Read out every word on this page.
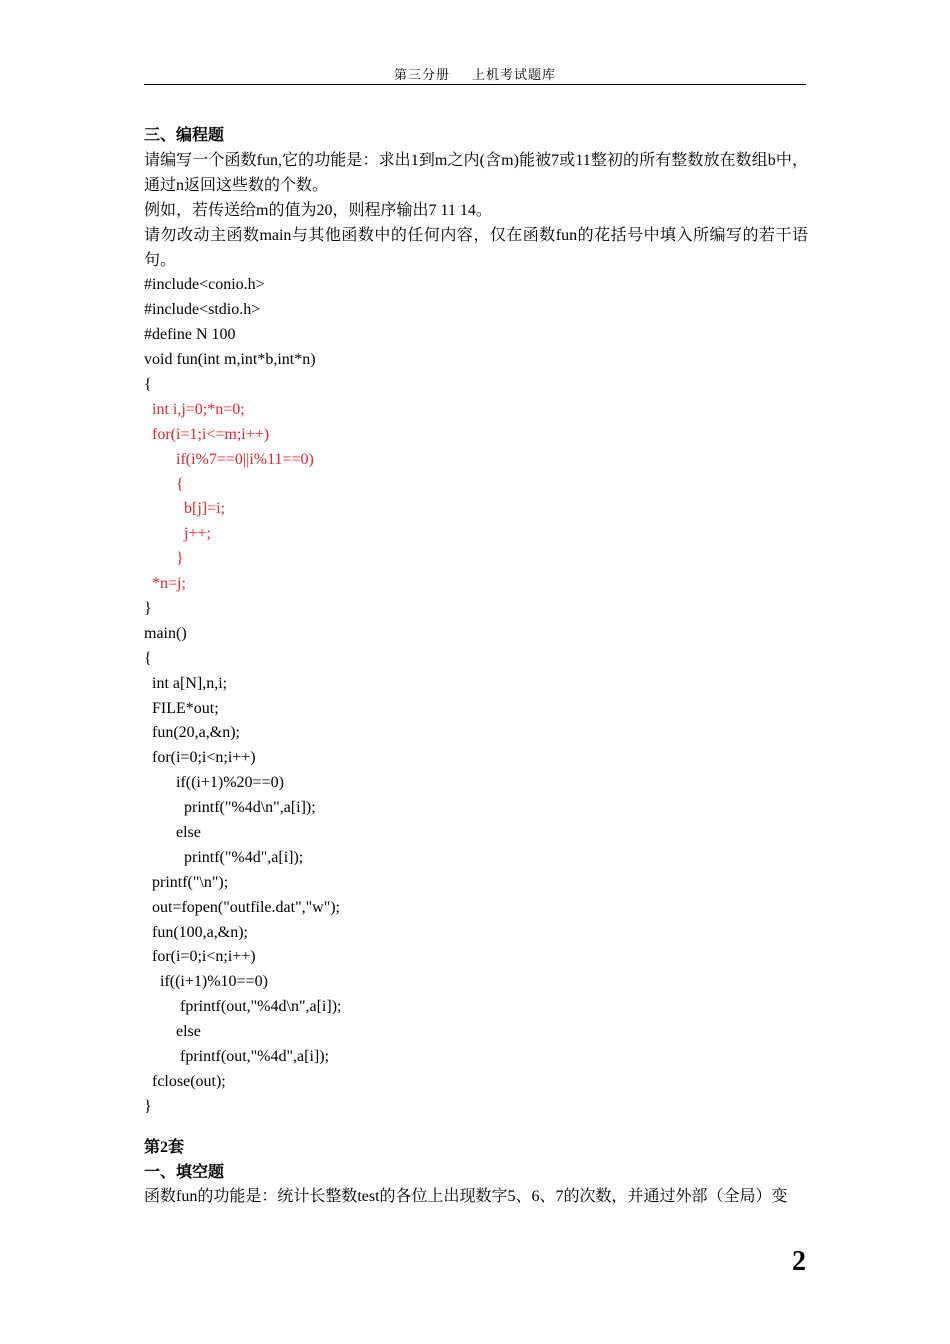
第三分册 上机考试题库
三、编程题
请编写一个函数fun,它的功能是：求出1到m之内(含m)能被7或11整初的所有整数放在数组b中，通过n返回这些数的个数。
例如，若传送给m的值为20，则程序输出7 11 14。
请勿改动主函数main与其他函数中的任何内容，仅在函数fun的花括号中填入所编写的若干语句。
#include<conio.h>
#include<stdio.h>
#define N 100
void fun(int m,int*b,int*n)
{
int i,j=0;*n=0;
for(i=1;i<=m;i++)
if(i%7==0||i%11==0)
{
b[j]=i;
j++;
}
*n=j;
}
main()
{
int a[N],n,i;
FILE*out;
fun(20,a,&n);
for(i=0;i<n;i++)
if((i+1)%20==0)
printf("%4d\n",a[i]);
else
printf("%4d",a[i]);
printf("\n");
out=fopen("outfile.dat","w");
fun(100,a,&n);
for(i=0;i<n;i++)
if((i+1)%10==0)
fprintf(out,"%4d\n",a[i]);
else
fprintf(out,"%4d",a[i]);
fclose(out);
}
第2套
一、填空题
函数fun的功能是：统计长整数test的各位上出现数字5、6、7的次数，并通过外部（全局）变
2
